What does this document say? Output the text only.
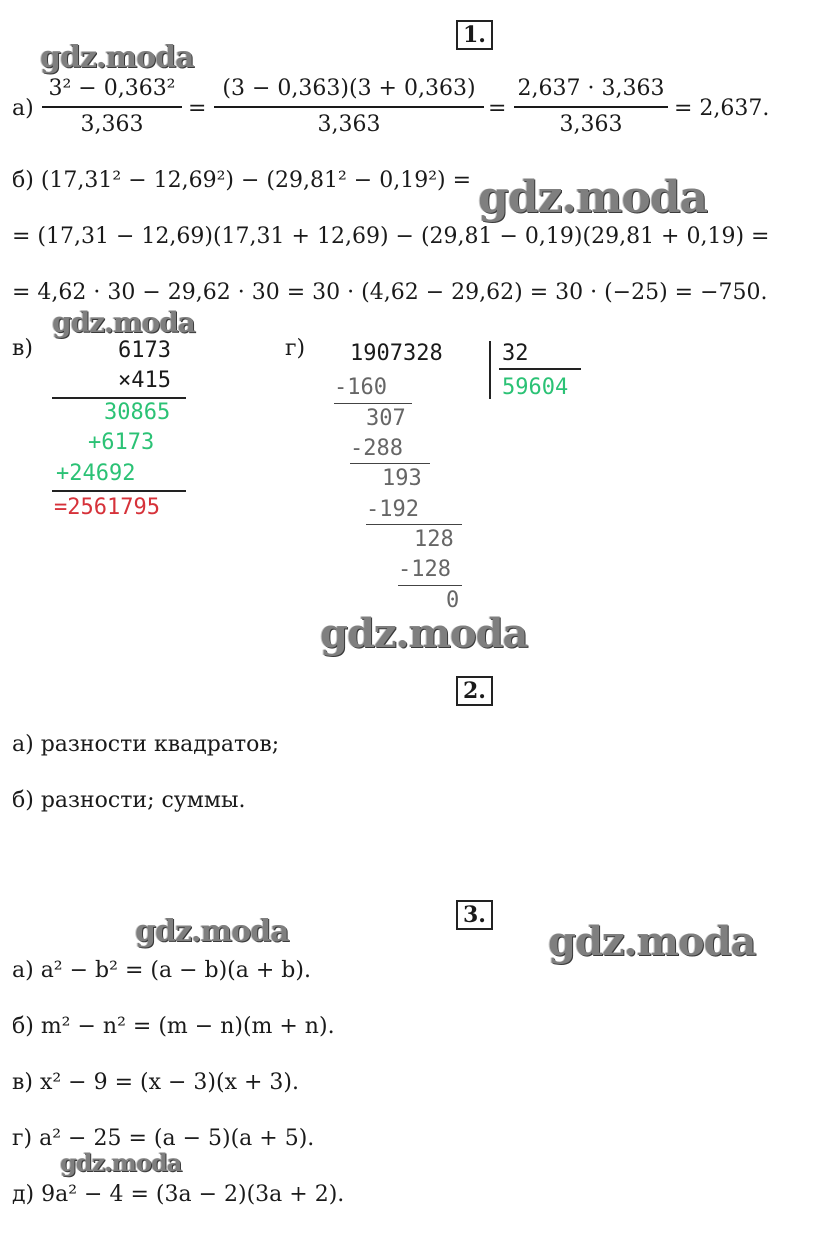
1.
gdz.moda
gdz.moda
gdz.moda
gdz.moda
gdz.moda	gdz.moda
gdz.moda
а)
3² − 0,363²
3,363
=
(3 − 0,363)(3 + 0,363)
3,363
=
2,637 · 3,363
3,363
= 2,637.
б) (17,31² − 12,69²) − (29,81² − 0,19²) =
= (17,31 − 12,69)(17,31 + 12,69) − (29,81 − 0,19)(29,81 + 0,19) =
= 4,62 · 30 − 29,62 · 30 = 30 · (4,62 − 29,62) = 30 · (−25) = −750.
в)	6173
×415
30865
+6173
+24692
=2561795
г) 1907328	32
59604
-160
307
-288
193
-192
128
-128
0
2.
а) разности квадратов;
б) разности; суммы.
3.
а) a² − b² = (a − b)(a + b).
б) m² − n² = (m − n)(m + n).
в) x² − 9 = (x − 3)(x + 3).
г) a² − 25 = (a − 5)(a + 5).
д) 9a² − 4 = (3a − 2)(3a + 2).
